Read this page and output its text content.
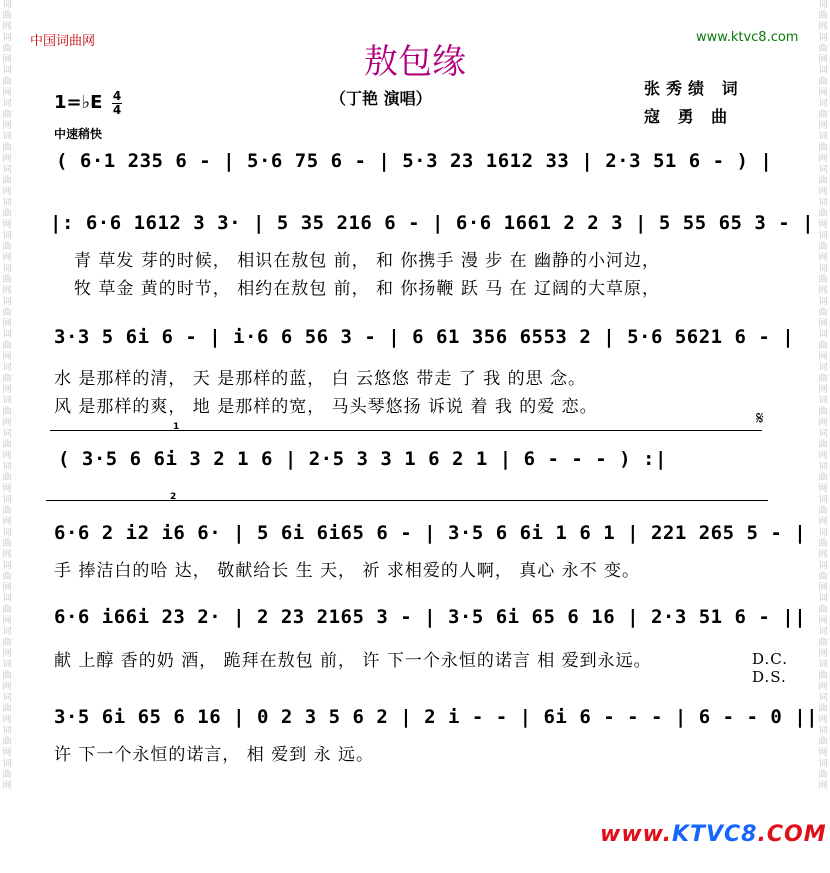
词曲网词曲网词曲网词曲网词曲网词曲网词曲网词曲网词曲网词曲网词曲网词曲网词曲网词曲网词曲网词曲网词曲网词曲网词曲网词曲网词曲网词曲网词曲网词曲网
词曲网词曲网词曲网词曲网词曲网词曲网词曲网词曲网词曲网词曲网词曲网词曲网词曲网词曲网词曲网词曲网词曲网词曲网词曲网词曲网词曲网词曲网词曲网词曲网
中国词曲网	www.ktvc8.com
敖包缘
（丁艳 演唱）
张秀绩 词
寇 勇 曲
1=♭E 4
4
中速稍快
( 6·1 235 6 - | 5·6 75 6 - | 5·3 23 1612 33 | 2·3 51 6 - ) |
|: 6·6 1612 3 3· | 5 35 216 6 - | 6·6 1661 2 2 3 | 5 55 65 3 - |
青 草发 芽的时候， 相识在敖包 前， 和 你携手 漫 步 在 幽静的小河边，
牧 草金 黄的时节， 相约在敖包 前， 和 你扬鞭 跃 马 在 辽阔的大草原，
3·3 5 6i 6 - | i·6 6 56 3 - | 6 61 356 6553 2 | 5·6 5621 6 - |
水 是那样的清， 天 是那样的蓝， 白 云悠悠 带走 了 我 的思 念。
风 是那样的爽， 地 是那样的宽， 马头琴悠扬 诉说 着 我 的爱 恋。
1	𝄋
( 3·5 6 6i 3 2 1 6 | 2·5 3 3 1 6 2 1 | 6 - - - ) :|
2
6·6 2 i2 i6 6· | 5 6i 6i65 6 - | 3·5 6 6i 1 6 1 | 221 265 5 - |
手 捧洁白的哈 达， 敬献给长 生 天， 祈 求相爱的人啊， 真心 永不 变。
6·6 i66i 23 2· | 2 23 2165 3 - | 3·5 6i 65 6 16 | 2·3 51 6 - ||
献 上醇 香的奶 酒， 跪拜在敖包 前， 许 下一个永恒的诺言 相 爱到永远。	D.C.
D.S.
3·5 6i 65 6 16 | 0 2 3 5 6 2 | 2 i - - | 6i 6 - - - | 6 - - 0 ||
许 下一个永恒的诺言， 相 爱到 永 远。
www.KTVC8.COM
